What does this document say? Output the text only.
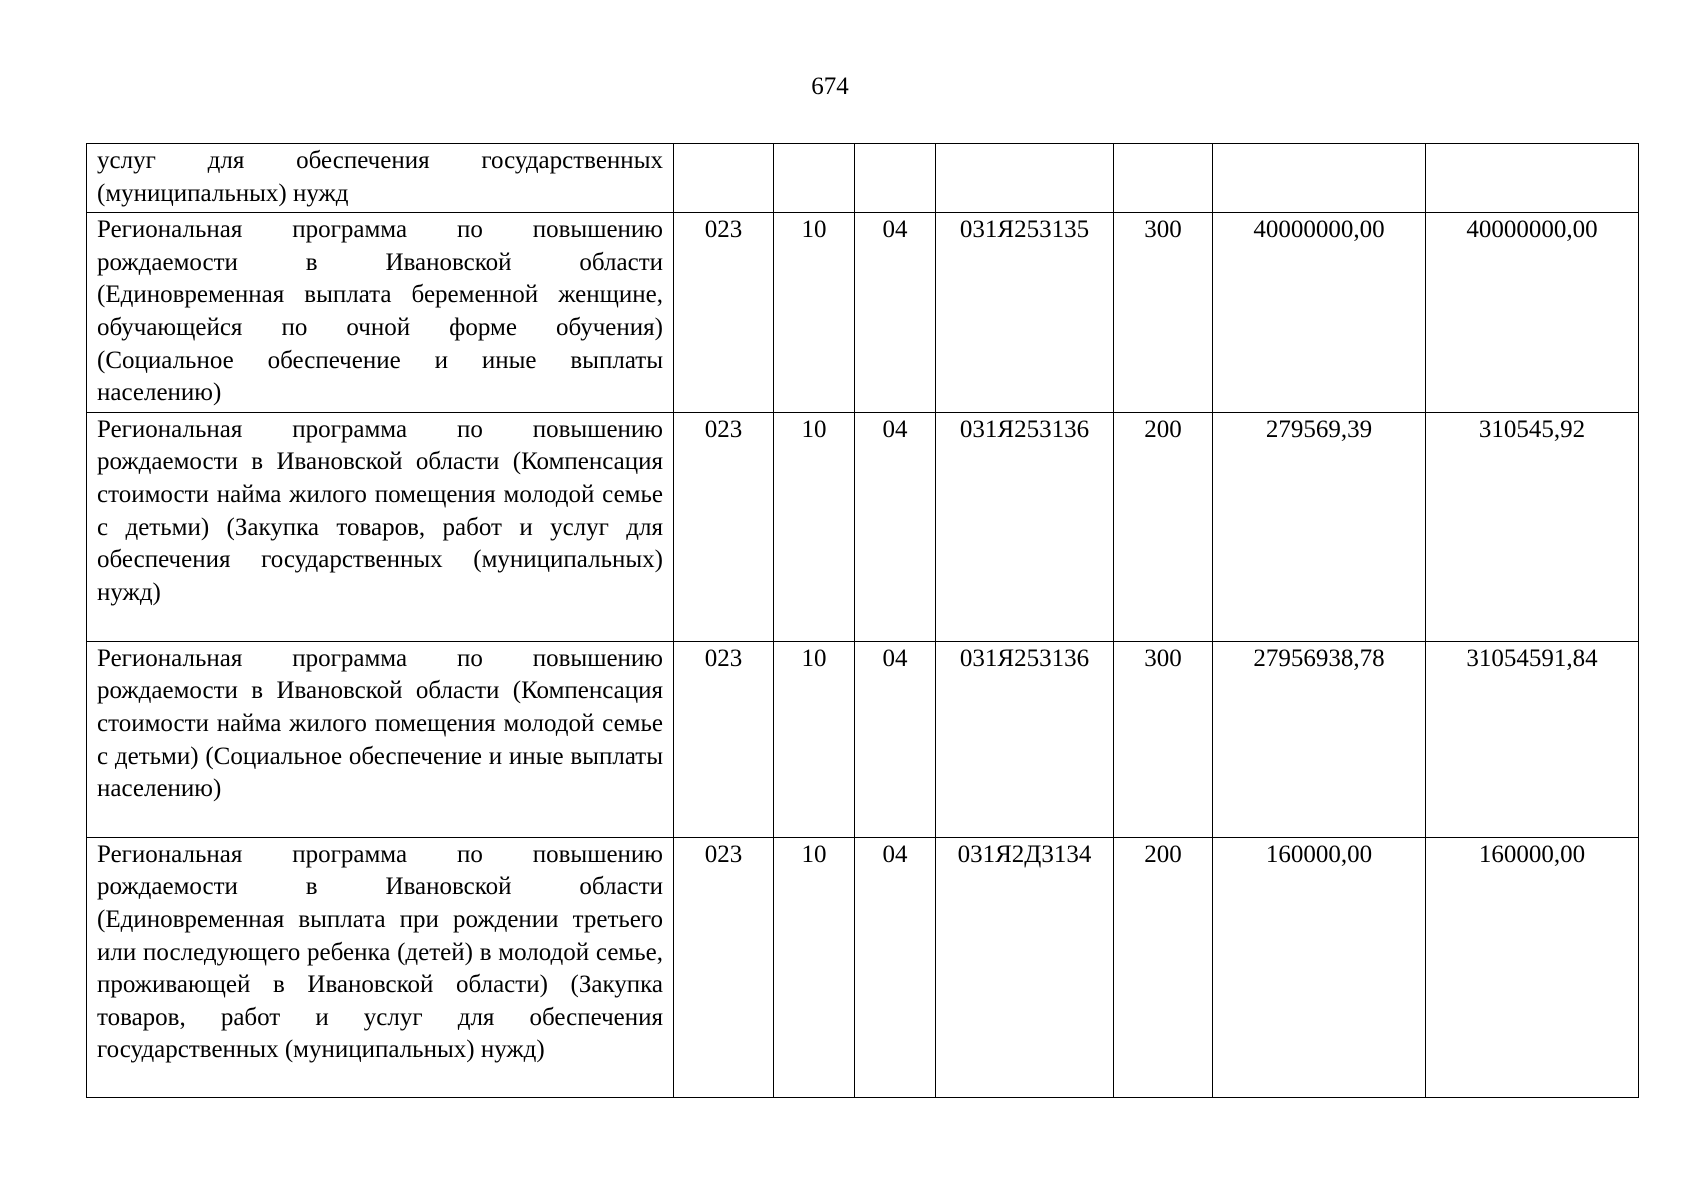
674
услуг для обеспечения государственных (муниципальных) нужд							
Региональная программа по повышению рождаемости в Ивановской области (Единовременная выплата беременной женщине, обучающейся по очной форме обучения) (Социальное обеспечение и иные выплаты населению)	023	10	04	031Я253135	300	40000000,00	40000000,00
Региональная программа по повышению рождаемости в Ивановской области (Компенсация стоимости найма жилого помещения молодой семье с детьми) (Закупка товаров, работ и услуг для обеспечения государственных (муниципальных) нужд)	023	10	04	031Я253136	200	279569,39	310545,92
Региональная программа по повышению рождаемости в Ивановской области (Компенсация стоимости найма жилого помещения молодой семье с детьми) (Социальное обеспечение и иные выплаты населению)	023	10	04	031Я253136	300	27956938,78	31054591,84
Региональная программа по повышению рождаемости в Ивановской области (Единовременная выплата при рождении третьего или последующего ребенка (детей) в молодой семье, проживающей в Ивановской области) (Закупка товаров, работ и услуг для обеспечения государственных (муниципальных) нужд)	023	10	04	031Я2Д3134	200	160000,00	160000,00
